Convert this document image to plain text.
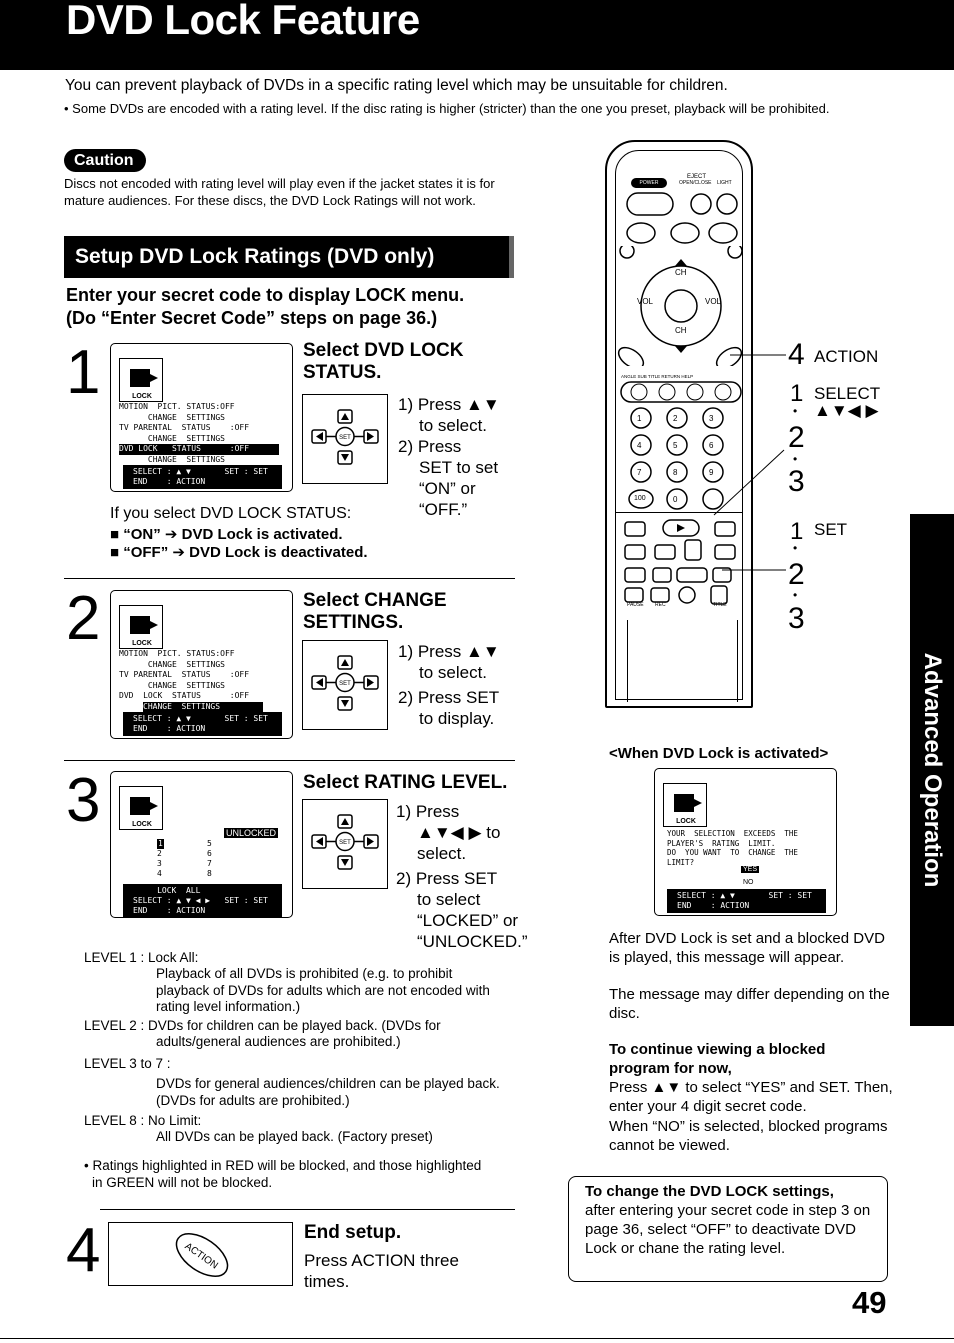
DVD Lock Feature
You can prevent playback of DVDs in a specific rating level which may be unsuitable for children.
• Some DVDs are encoded with a rating level. If the disc rating is higher (stricter) than the one you preset, playback will be prohibited.
Caution
Discs not encoded with rating level will play even if the jacket states it is for mature audiences. For these discs, the DVD Lock Ratings will not work.
Setup DVD Lock Ratings (DVD only)
Enter your secret code to display LOCK menu.
(Do “Enter Secret Code” steps on page 36.)
1	LOCK
MOTION  PICT. STATUS:OFF
CHANGE  SETTINGS
TV PARENTAL  STATUS    :OFF
CHANGE  SETTINGS
DVD LOCK   STATUS      :OFF
CHANGE  SETTINGS
SELECT : ▲ ▼       SET : SET
END    : ACTION
Select DVD LOCK
STATUS.
SET
1) Press ▲▼
to select.
2) Press
SET to set
“ON” or
“OFF.”
If you select DVD LOCK STATUS:
■ “ON” ➔ DVD Lock is activated.
■ “OFF” ➔ DVD Lock is deactivated.
2	LOCK
MOTION  PICT. STATUS:OFF
CHANGE  SETTINGS
TV PARENTAL  STATUS    :OFF
CHANGE  SETTINGS
DVD  LOCK  STATUS      :OFF
CHANGE  SETTINGS
SELECT : ▲ ▼       SET : SET
END    : ACTION
Select CHANGE
SETTINGS.
SET
1) Press ▲▼
to select.
2) Press SET
to display.
3	LOCK
UNLOCKED
1
2
3
4
5
6
7
8
LOCK  ALL
SELECT : ▲ ▼ ◀ ▶   SET : SET
END    : ACTION
Select RATING LEVEL.
SET
1) Press
▲▼◀ ▶ to
select.
2) Press SET
to select
“LOCKED” or
“UNLOCKED.”
LEVEL 1 : Lock All:
Playback of all DVDs is prohibited (e.g. to prohibit playback of DVDs for adults which are not encoded with rating level information.)
LEVEL 2 : DVDs for children can be played back. (DVDs for
adults/general audiences are prohibited.)
LEVEL 3 to 7 :
DVDs for general audiences/children can be played back. (DVDs for adults are prohibited.)
LEVEL 8 : No Limit:
All DVDs can be played back. (Factory preset)
• Ratings highlighted in RED will be blocked, and those highlighted in GREEN will not be blocked.
4	ACTION
End setup.
Press ACTION three
times.
EJECT
OPEN/CLOSE LIGHT
POWER
CH
CH
VOL	VOL
ANGLE SUB TITLE RETURN HELP
1	2	3
4	5	6
7	8	9
100	0
PAUSE REC	TITLE
4 ACTION
1 SELECT
▲▼◀ ▶
•
2
•
3
1 SET
•
2
•
3
<When DVD Lock is activated>
LOCK
YOUR  SELECTION  EXCEEDS  THE
PLAYER'S  RATING  LIMIT.
DO  YOU WANT  TO  CHANGE  THE
LIMIT?
YES
NO
SELECT : ▲ ▼       SET : SET
END    : ACTION
After DVD Lock is set and a blocked DVD is played, this message will appear.
The message may differ depending on the disc.
To continue viewing a blocked program for now,
Press ▲▼ to select “YES” and SET. Then, enter your 4 digit secret code.
When “NO” is selected, blocked programs cannot be viewed.
To change the DVD LOCK settings,
after entering your secret code in step 3 on page 36, select “OFF” to deactivate DVD Lock or chane the rating level.
Advanced Operation
49
